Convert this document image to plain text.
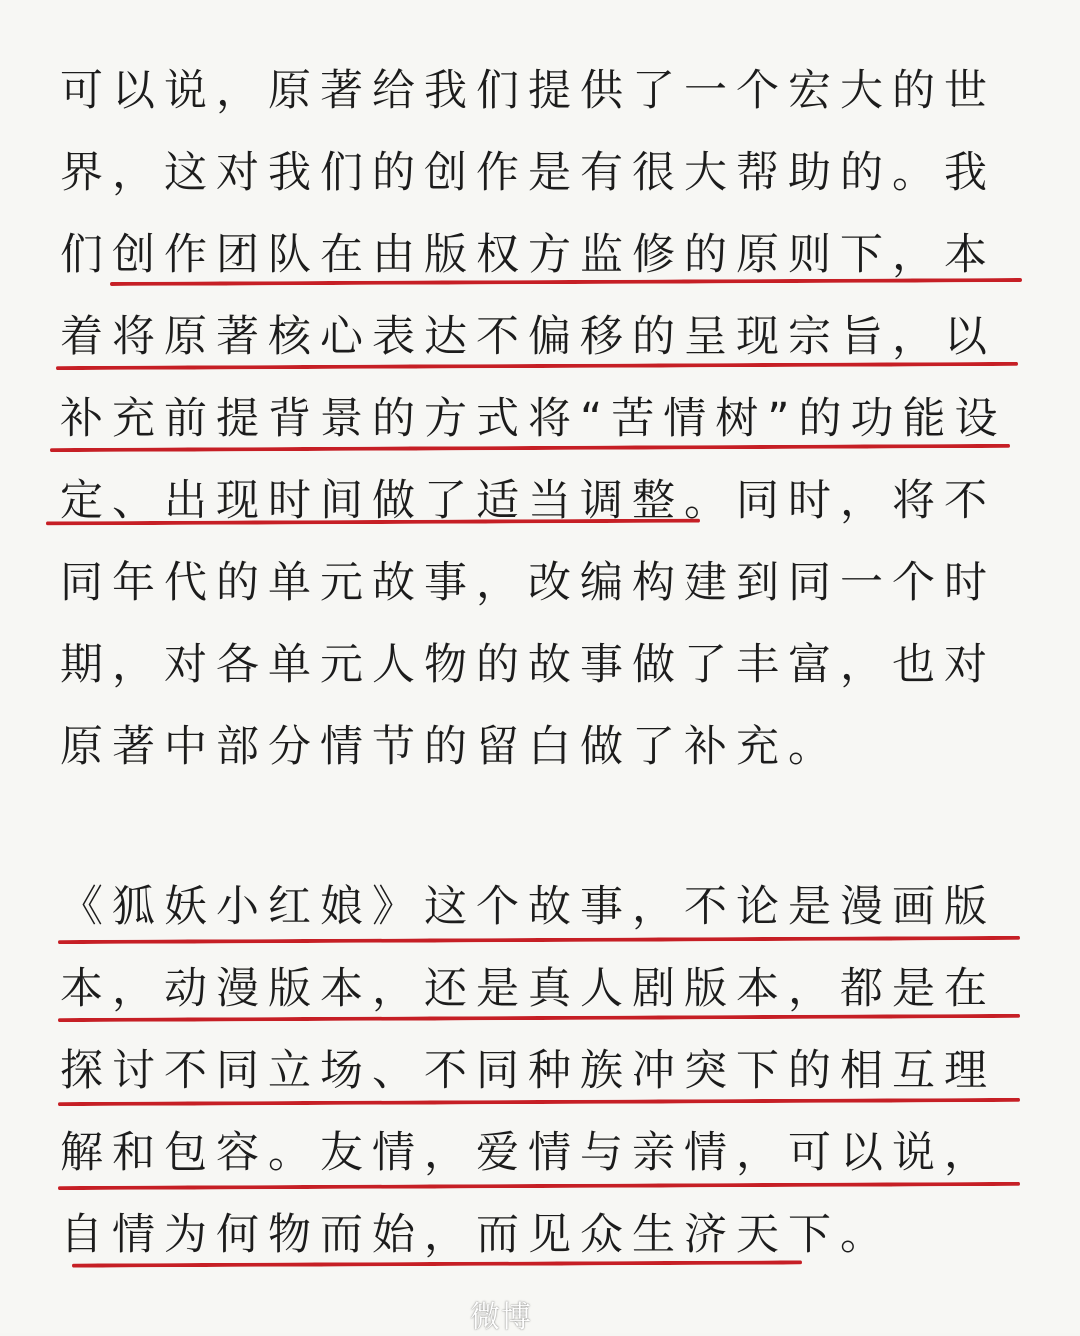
可以说，原著给我们提供了一个宏大的世
界，这对我们的创作是有很大帮助的。我
们创作团队在由版权方监修的原则下，本
着将原著核心表达不偏移的呈现宗旨，以
补充前提背景的方式将“苦情树”的功能设
定、出现时间做了适当调整。同时，将不
同年代的单元故事，改编构建到同一个时
期，对各单元人物的故事做了丰富，也对
原著中部分情节的留白做了补充。
《狐妖小红娘》这个故事，不论是漫画版
本，动漫版本，还是真人剧版本，都是在
探讨不同立场、不同种族冲突下的相互理
解和包容。友情，爱情与亲情，可以说，
自情为何物而始，而见众生济天下。
微博
